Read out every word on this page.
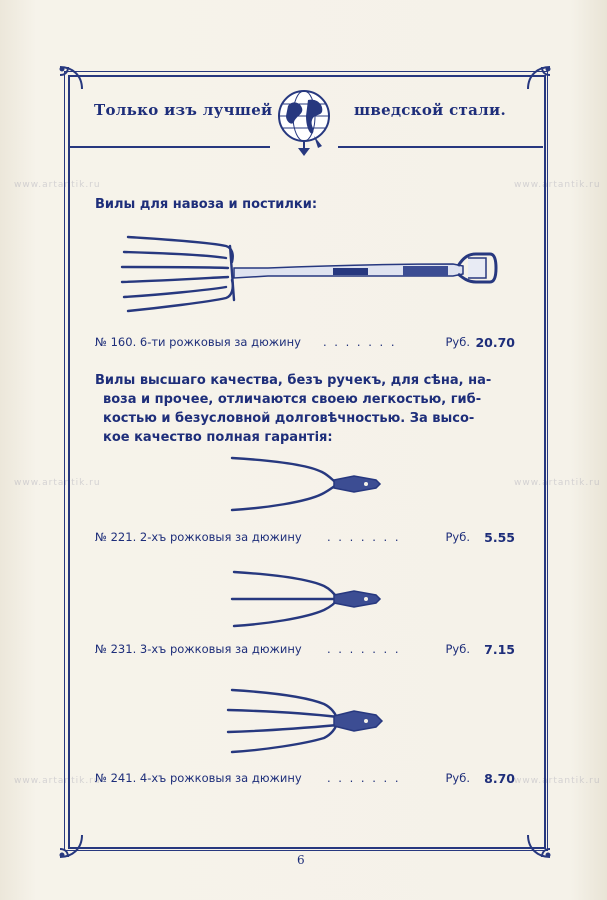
www.artantik.ru	www.artantik.ru
www.artantik.ru	www.artantik.ru
www.artantik.ru	www.artantik.ru
Только изъ лучшей	шведской стали.
Вилы для навоза и постилки:
№ 160. 6-ти рожковыя за дюжину . . . . . . .	Руб. 20.70
Вилы высшаго качества, безъ ручекъ, для сѣна, на-
воза и прочее, отличаются своею легкостью, гиб-
костью и безусловной долговѣчностью. За высо-
кое качество полная гарантія:
№ 221. 2-хъ рожковыя за дюжину . . . . . . .	Руб. 5.55
№ 231. 3-хъ рожковыя за дюжину . . . . . . .	Руб. 7.15
№ 241. 4-хъ рожковыя за дюжину . . . . . . .	Руб. 8.70
6
